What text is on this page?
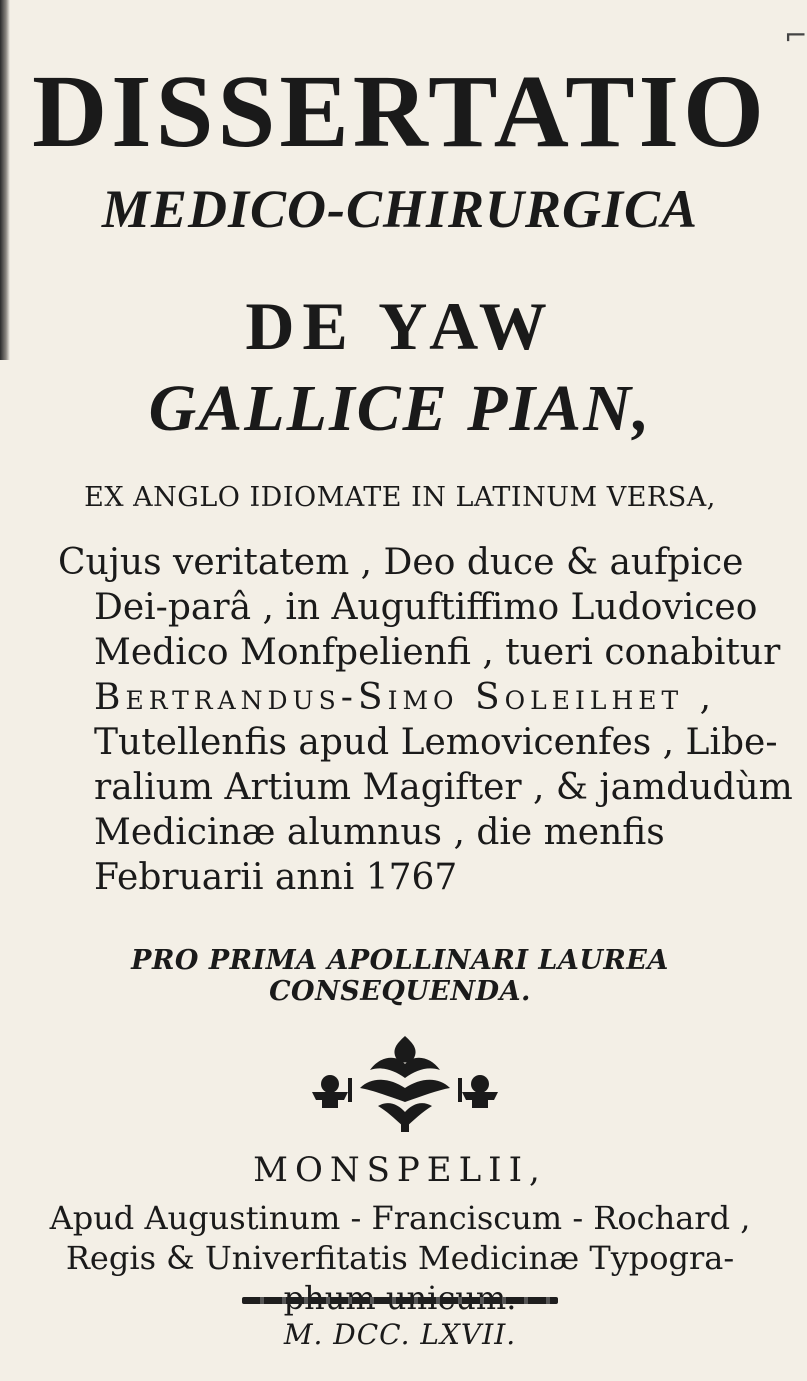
⌐
DISSERTATIO
MEDICO-CHIRURGICA
DE YAW
GALLICE PIAN,
EX ANGLO IDIOMATE IN LATINUM VERSA,
Cujus veritatem , Deo duce & aufpice
Dei-parâ , in Auguftiffimo Ludoviceo
Medico Monfpelienfi , tueri conabitur
Bertrandus-Simo Soleilhet ,
Tutellenfis apud Lemovicenfes , Libe-
ralium Artium Magifter , & jamdudùm
Medicinæ alumnus , die menfis
Februarii anni 1767
PRO PRIMA APOLLINARI LAUREA CONSEQUENDA.
MONSPELII,
Apud Augustinum - Franciscum - Rochard ,
Regis & Univerfitatis Medicinæ Typogra-
M. DCC. LXVII.
